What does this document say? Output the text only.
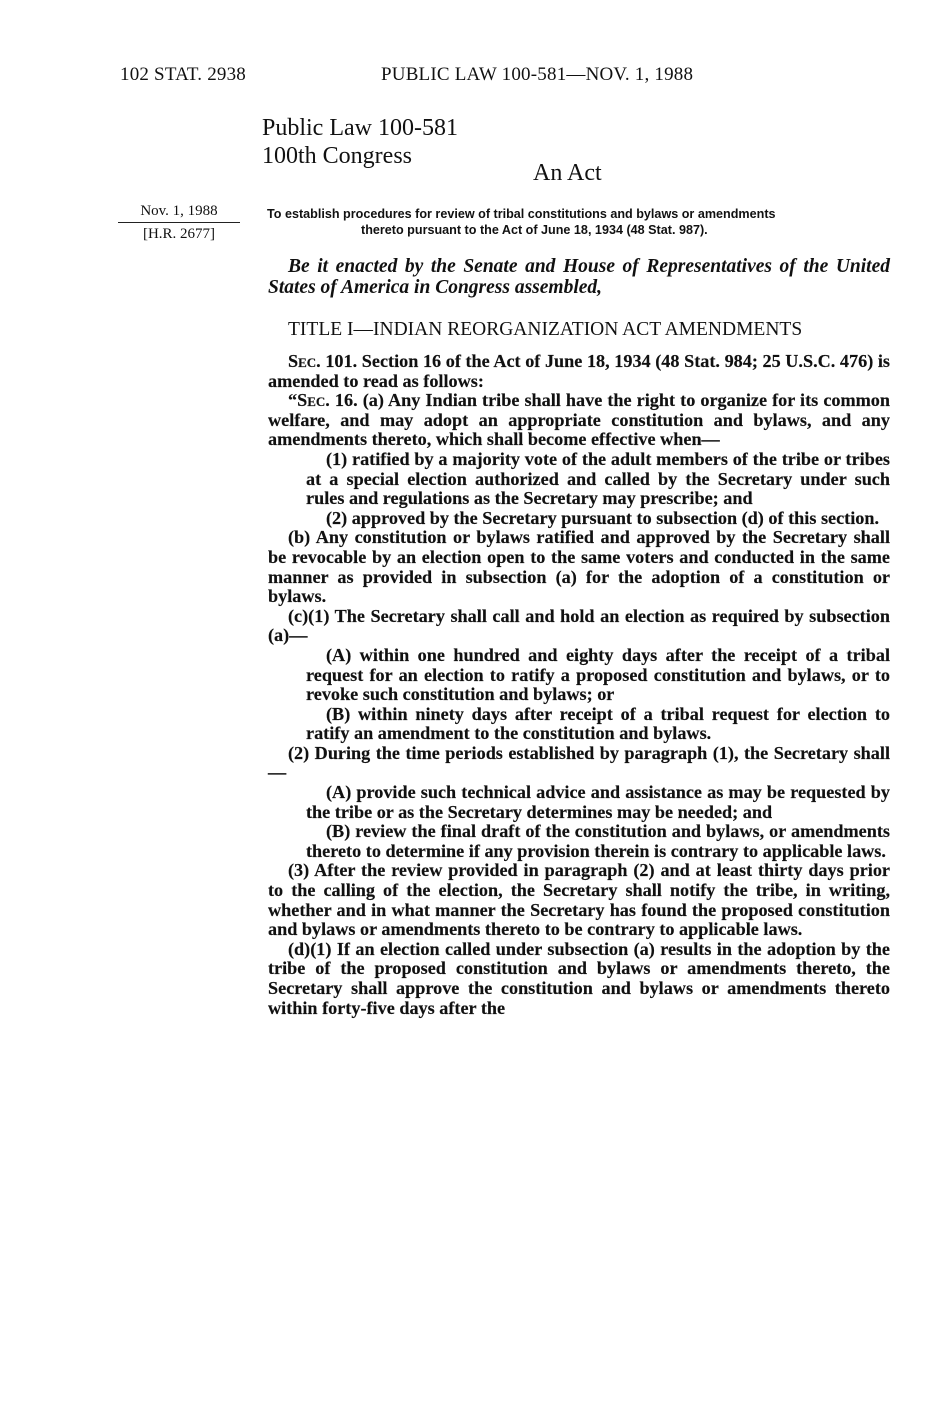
102 STAT. 2938	PUBLIC LAW 100-581—NOV. 1, 1988
Public Law 100-581
100th Congress
An Act
Nov. 1, 1988
[H.R. 2677]
To establish procedures for review of tribal constitutions and bylaws or amendments
thereto pursuant to the Act of June 18, 1934 (48 Stat. 987).
Be it enacted by the Senate and House of Representatives of the United States of America in Congress assembled,
TITLE I—INDIAN REORGANIZATION ACT AMENDMENTS

Sec. 101. Section 16 of the Act of June 18, 1934 (48 Stat. 984; 25 U.S.C. 476) is amended to read as follows:

“Sec. 16. (a) Any Indian tribe shall have the right to organize for its common welfare, and may adopt an appropriate constitution and bylaws, and any amendments thereto, which shall become effective when—

(1) ratified by a majority vote of the adult members of the tribe or tribes at a special election authorized and called by the Secretary under such rules and regulations as the Secretary may prescribe; and

(2) approved by the Secretary pursuant to subsection (d) of this section.

(b) Any constitution or bylaws ratified and approved by the Secretary shall be revocable by an election open to the same voters and conducted in the same manner as provided in subsection (a) for the adoption of a constitution or bylaws.

(c)(1) The Secretary shall call and hold an election as required by subsection (a)—

(A) within one hundred and eighty days after the receipt of a tribal request for an election to ratify a proposed constitution and bylaws, or to revoke such constitution and bylaws; or

(B) within ninety days after receipt of a tribal request for election to ratify an amendment to the constitution and bylaws.

(2) During the time periods established by paragraph (1), the Secretary shall—

(A) provide such technical advice and assistance as may be requested by the tribe or as the Secretary determines may be needed; and

(B) review the final draft of the constitution and bylaws, or amendments thereto to determine if any provision therein is contrary to applicable laws.

(3) After the review provided in paragraph (2) and at least thirty days prior to the calling of the election, the Secretary shall notify the tribe, in writing, whether and in what manner the Secretary has found the proposed constitution and bylaws or amendments thereto to be contrary to applicable laws.

(d)(1) If an election called under subsection (a) results in the adoption by the tribe of the proposed constitution and bylaws or amendments thereto, the Secretary shall approve the constitution and bylaws or amendments thereto within forty-five days after the
